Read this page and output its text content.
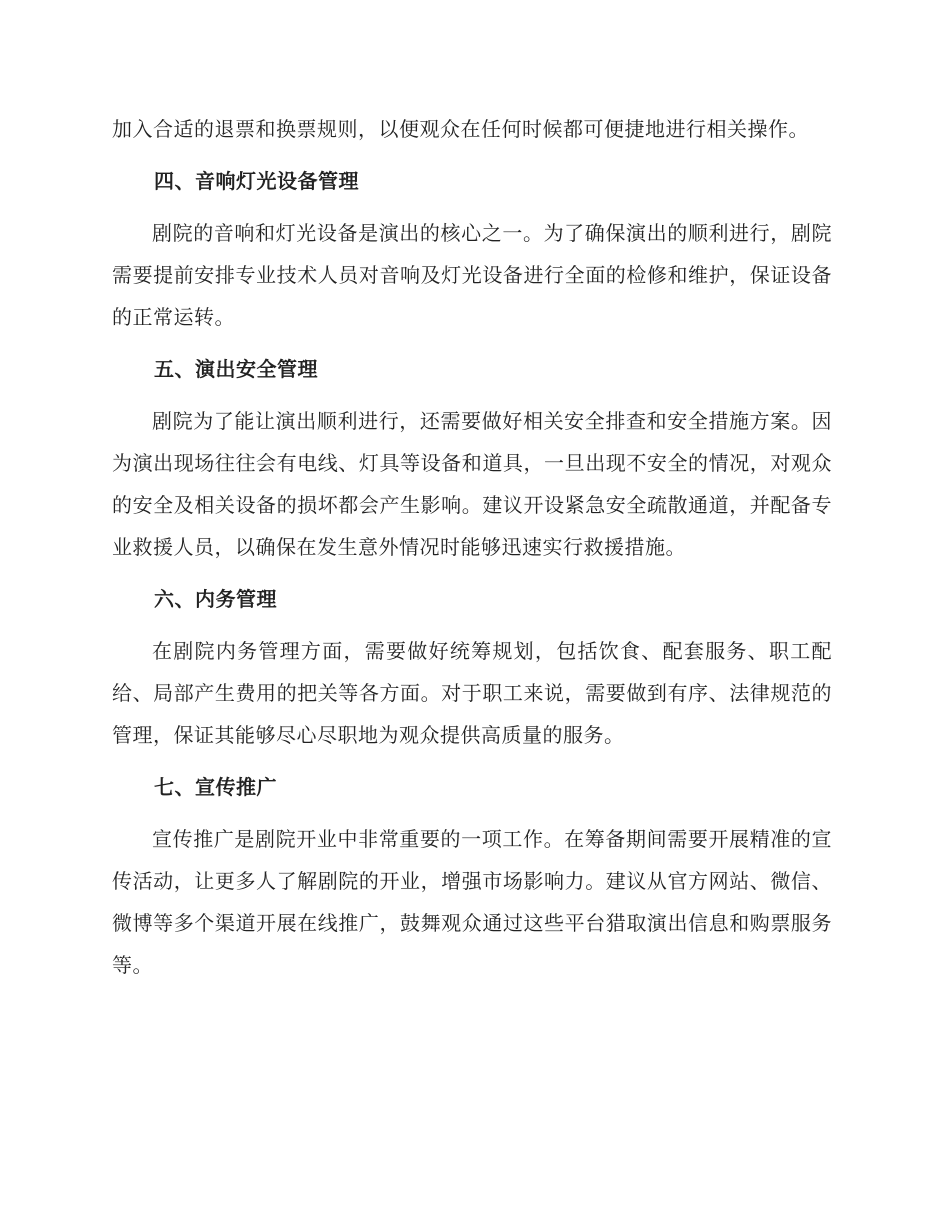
加入合适的退票和换票规则，以便观众在任何时候都可便捷地进行相关操作。

四、音响灯光设备管理

剧院的音响和灯光设备是演出的核心之一。为了确保演出的顺利进行，剧院需要提前安排专业技术人员对音响及灯光设备进行全面的检修和维护，保证设备的正常运转。

五、演出安全管理

剧院为了能让演出顺利进行，还需要做好相关安全排查和安全措施方案。因为演出现场往往会有电线、灯具等设备和道具，一旦出现不安全的情况，对观众的安全及相关设备的损坏都会产生影响。建议开设紧急安全疏散通道，并配备专业救援人员，以确保在发生意外情况时能够迅速实行救援措施。

六、内务管理

在剧院内务管理方面，需要做好统筹规划，包括饮食、配套服务、职工配给、局部产生费用的把关等各方面。对于职工来说，需要做到有序、法律规范的管理，保证其能够尽心尽职地为观众提供高质量的服务。

七、宣传推广

宣传推广是剧院开业中非常重要的一项工作。在筹备期间需要开展精准的宣传活动，让更多人了解剧院的开业，增强市场影响力。建议从官方网站、微信、微博等多个渠道开展在线推广，鼓舞观众通过这些平台猎取演出信息和购票服务等。
